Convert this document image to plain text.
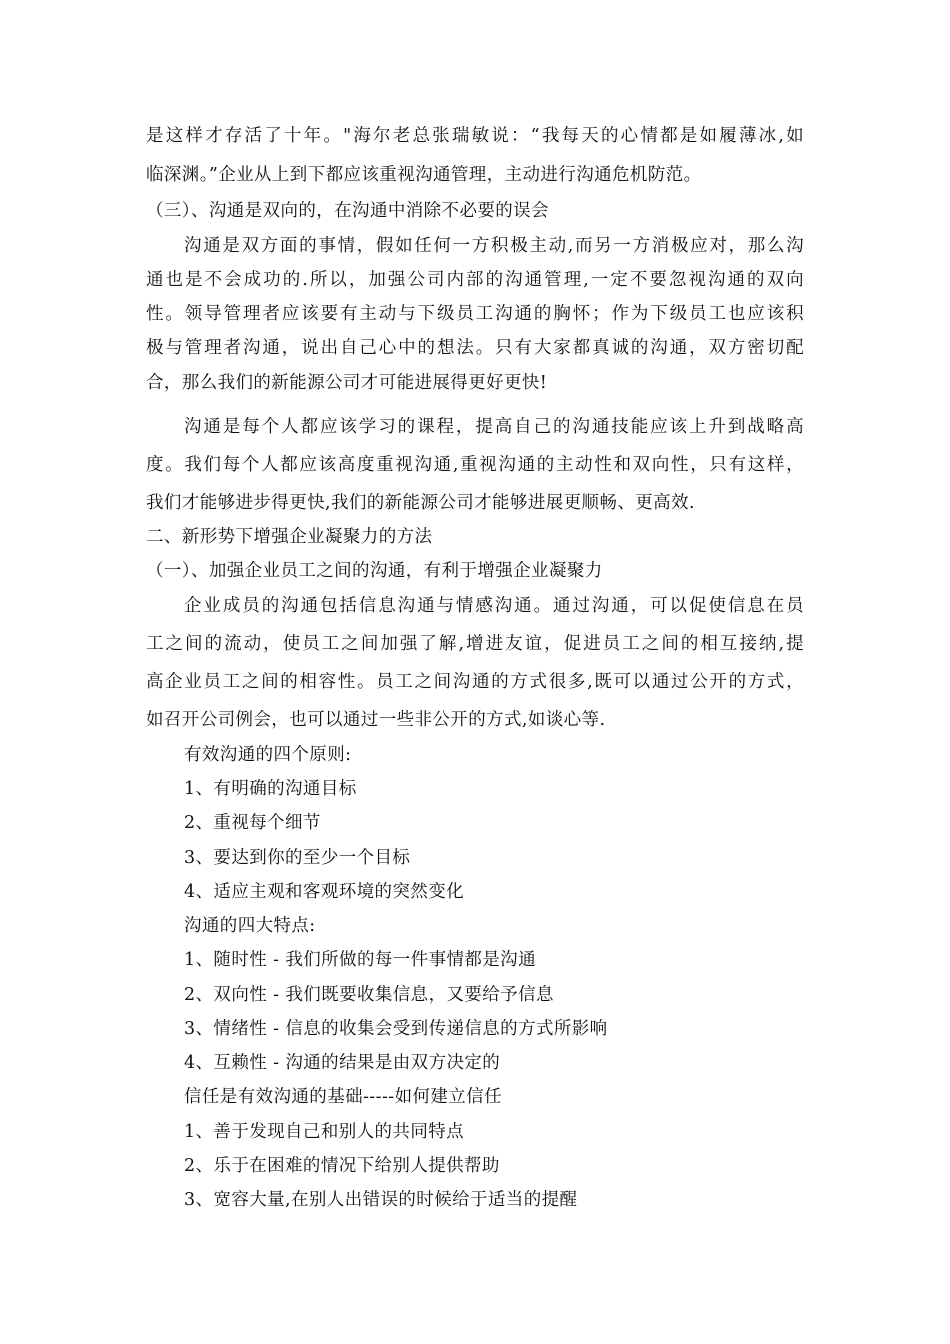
是这样才存活了十年。"海尔老总张瑞敏说：“我每天的心情都是如履薄冰,如
临深渊。”企业从上到下都应该重视沟通管理，主动进行沟通危机防范。
（三）、沟通是双向的，在沟通中消除不必要的误会
沟通是双方面的事情，假如任何一方积极主动,而另一方消极应对，那么沟
通也是不会成功的.所以，加强公司内部的沟通管理,一定不要忽视沟通的双向
性。领导管理者应该要有主动与下级员工沟通的胸怀；作为下级员工也应该积
极与管理者沟通，说出自己心中的想法。只有大家都真诚的沟通，双方密切配
合，那么我们的新能源公司才可能进展得更好更快!
沟通是每个人都应该学习的课程，提高自己的沟通技能应该上升到战略高
度。我们每个人都应该高度重视沟通,重视沟通的主动性和双向性，只有这样，
我们才能够进步得更快,我们的新能源公司才能够进展更顺畅、更高效.
二、新形势下增强企业凝聚力的方法
（一）、加强企业员工之间的沟通，有利于增强企业凝聚力
企业成员的沟通包括信息沟通与情感沟通。通过沟通，可以促使信息在员
工之间的流动，使员工之间加强了解,增进友谊，促进员工之间的相互接纳,提
高企业员工之间的相容性。员工之间沟通的方式很多,既可以通过公开的方式，
如召开公司例会，也可以通过一些非公开的方式,如谈心等.
有效沟通的四个原则:
1、有明确的沟通目标
2、重视每个细节
3、要达到你的至少一个目标
4、适应主观和客观环境的突然变化
沟通的四大特点:
1、随时性 - 我们所做的每一件事情都是沟通
2、双向性 - 我们既要收集信息，又要给予信息
3、情绪性 - 信息的收集会受到传递信息的方式所影响
4、互赖性 - 沟通的结果是由双方决定的
信任是有效沟通的基础-----如何建立信任
1、善于发现自己和别人的共同特点
2、乐于在困难的情况下给别人提供帮助
3、宽容大量,在别人出错误的时候给于适当的提醒
